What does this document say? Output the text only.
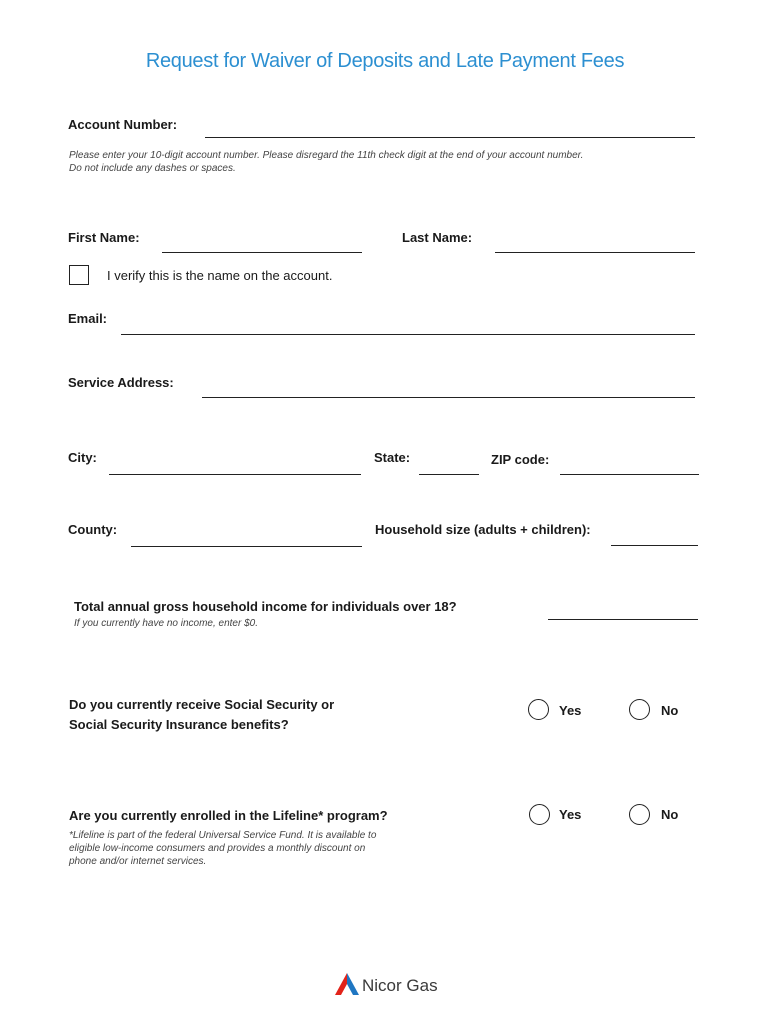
Request for Waiver of Deposits and Late Payment Fees
Account Number:
Please enter your 10-digit account number. Please disregard the 11th check digit at the end of your account number.
Do not include any dashes or spaces.
First Name:	Last Name:
I verify this is the name on the account.
Email:
Service Address:
City:	State:	ZIP code:
County:	Household size (adults + children):
Total annual gross household income for individuals over 18?
If you currently have no income, enter $0.
Do you currently receive Social Security or
Social Security Insurance benefits?
Yes	No
Are you currently enrolled in the Lifeline* program?	Yes	No
*Lifeline is part of the federal Universal Service Fund. It is available to
eligible low-income consumers and provides a monthly discount on
phone and/or internet services.
Nicor Gas
